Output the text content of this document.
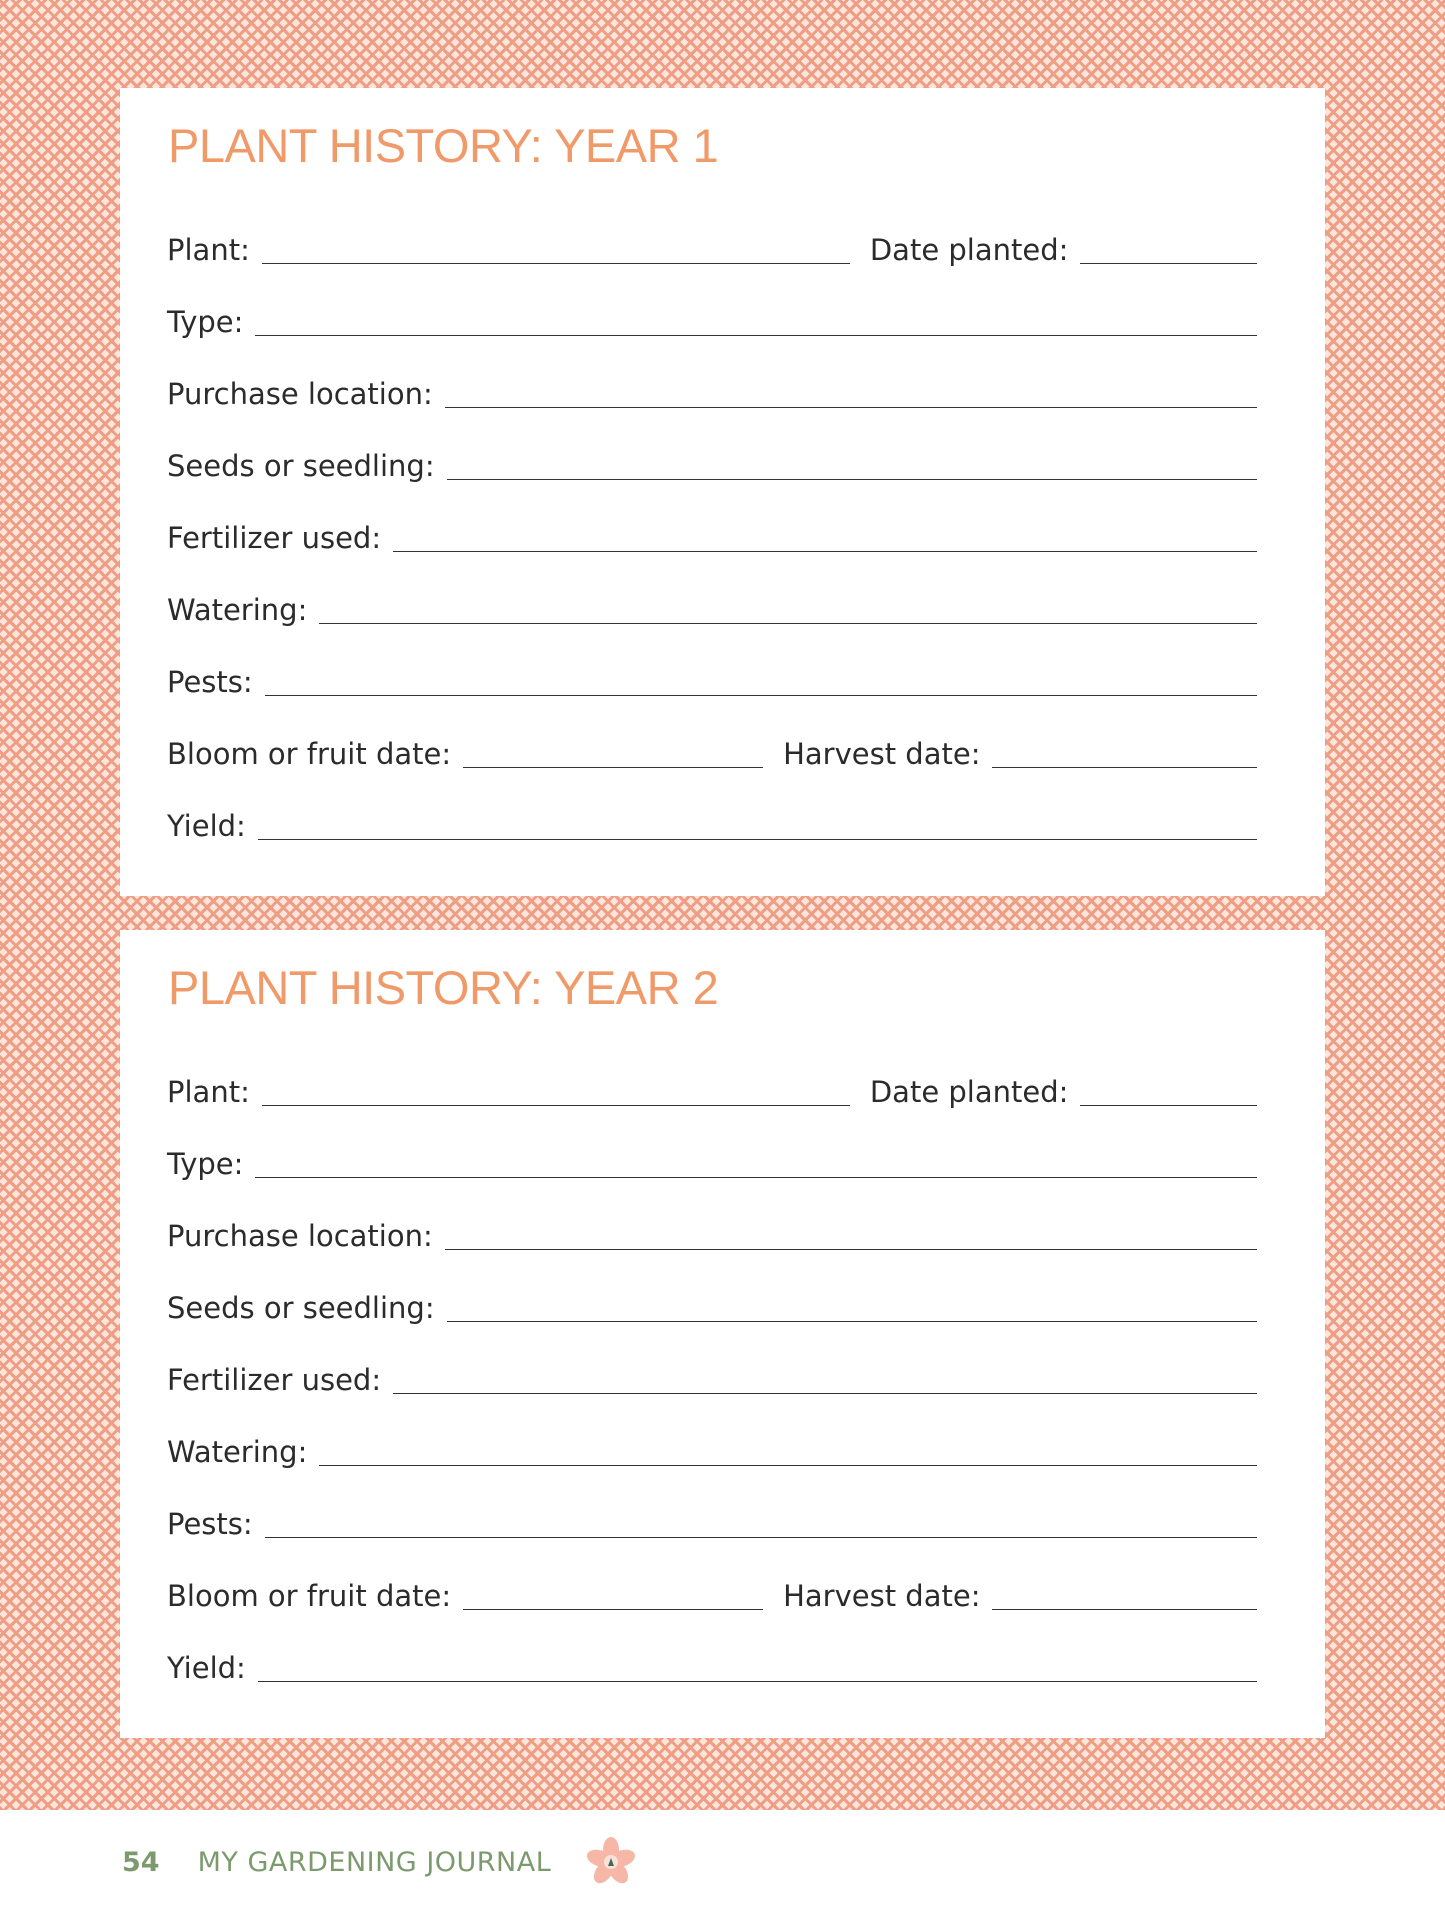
PLANT HISTORY: YEAR 1
Plant:	Date planted:
Type:
Purchase location:
Seeds or seedling:
Fertilizer used:
Watering:
Pests:
Bloom or fruit date:	Harvest date:
Yield:
PLANT HISTORY: YEAR 2
Plant:	Date planted:
Type:
Purchase location:
Seeds or seedling:
Fertilizer used:
Watering:
Pests:
Bloom or fruit date:	Harvest date:
Yield:
54 MY GARDENING JOURNAL
